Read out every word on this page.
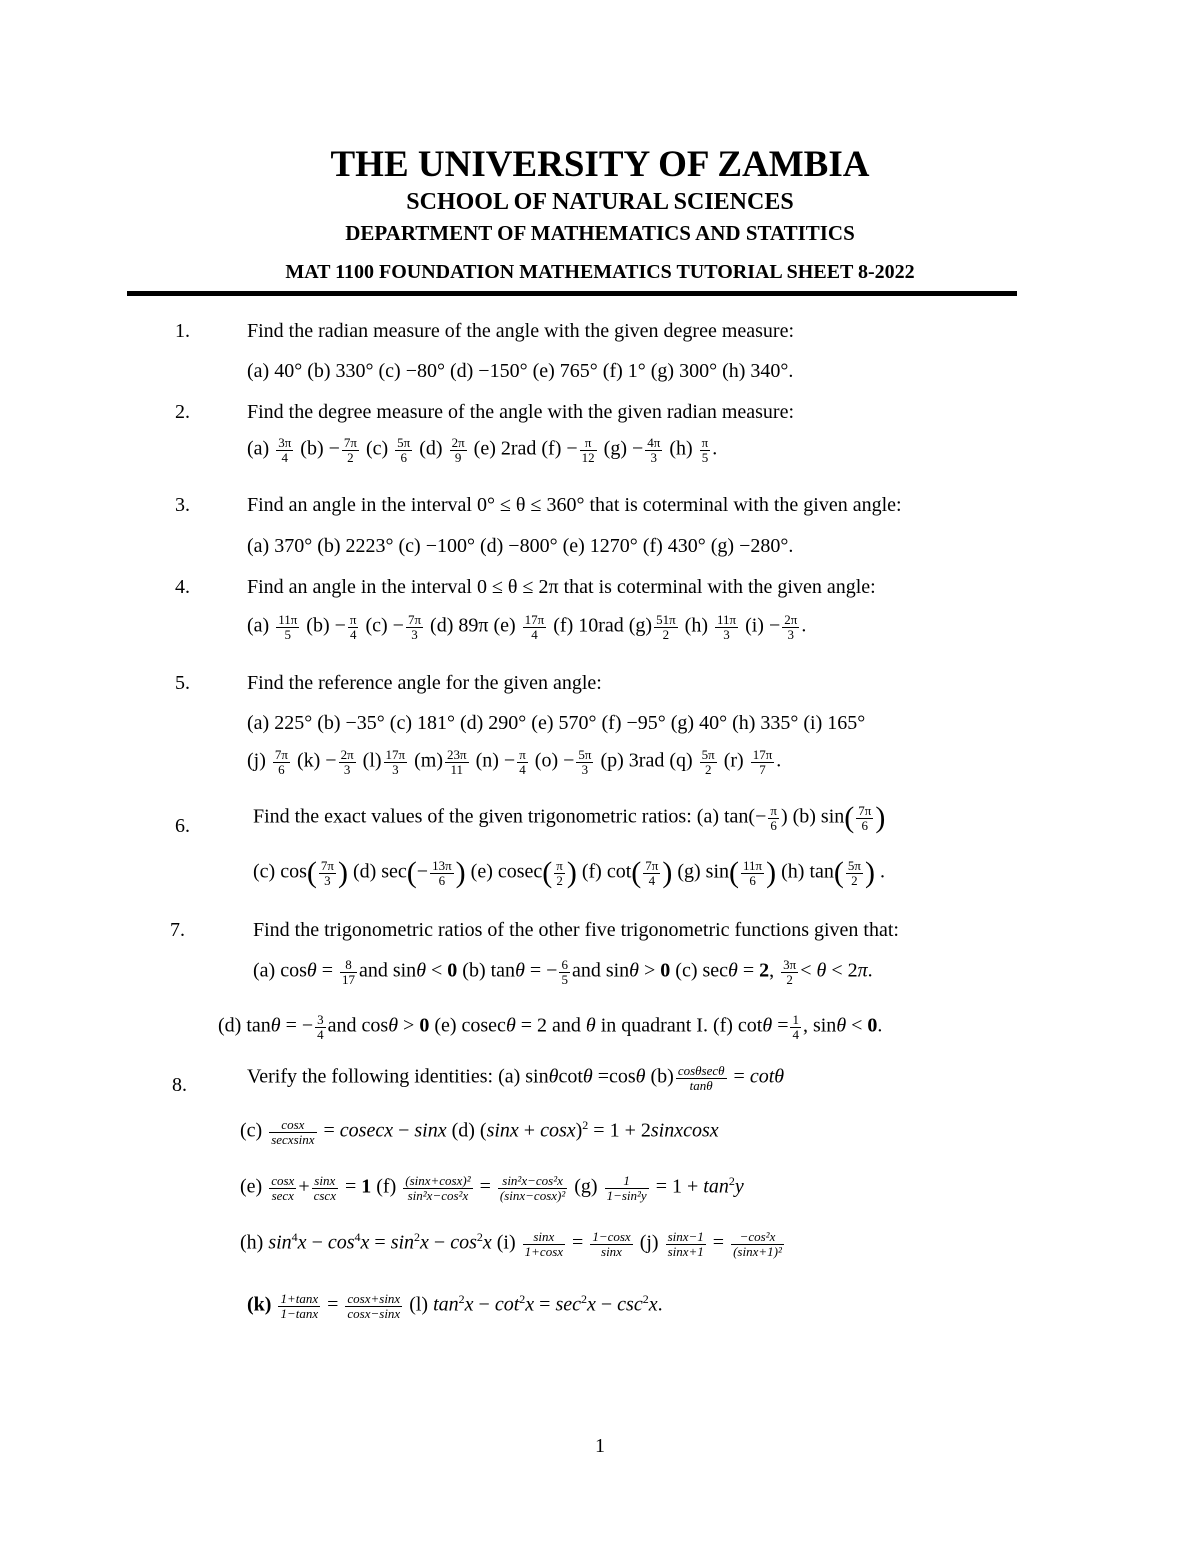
THE UNIVERSITY OF ZAMBIA
SCHOOL OF NATURAL SCIENCES
DEPARTMENT OF MATHEMATICS AND STATITICS
MAT 1100 FOUNDATION MATHEMATICS TUTORIAL SHEET 8-2022
1.	Find the radian measure of the angle with the given degree measure:
(a) 40° (b) 330° (c) −80° (d) −150° (e) 765° (f) 1° (g) 300° (h) 340°.
2.	Find the degree measure of the angle with the given radian measure:
$(a) \frac{3\pi}{4} (b) - \frac{7\pi}{2} (c) \frac{5\pi}{6} (d) \frac{2\pi}{9} (e)$ 2rad $(f) - \frac{\pi}{12} (g) - \frac{4\pi}{3} (h) \frac{\pi}{5}$ .
3.	Find an angle in the interval 0° ≤ θ ≤ 360° that is coterminal with the given angle:
(a) 370° (b) 2223° (c) −100° (d) −800° (e) 1270° (f) 430° (g) −280°.
4.	Find an angle in the interval 0 ≤ θ ≤ 2π that is coterminal with the given angle:
$(a) \frac{11\pi}{5} (b) - \frac{\pi}{4} (c) - \frac{7\pi}{3} (d)$ 89π $(e) \frac{17\pi}{4} (f)$ 10rad $(g) \frac{51\pi}{2} (h) \frac{11\pi}{3} (i) - \frac{2\pi}{3}$ .
5.	Find the reference angle for the given angle:
(a) 225° (b) −35° (c) 181° (d) 290° (e) 570° (f) −95° (g) 40° (h) 335° (i) 165°
$(j) \frac{7\pi}{6} (k) - \frac{2\pi}{3} (l) \frac{17\pi}{3} (m) \frac{23\pi}{11} (n) - \frac{\pi}{4} (o) - \frac{5\pi}{3} (p)$ 3rad $(q) \frac{5\pi}{2} (r) \frac{17\pi}{7}$ .
6.	Find the exact values of the given trigonometric ratios: (a) $\tan(- \frac{\pi}{6}$ ) (b) $\sin( \frac{7\pi}{6}$ )
(c) $\cos( \frac{7\pi}{3}$ ) (d) $\sec(- \frac{13\pi}{6}$ ) (e) $cosec( \frac{\pi}{2}$ ) (f) $\cot( \frac{7\pi}{4}$ ) (g) $\sin( \frac{11\pi}{6}$ ) (h) $\tan( \frac{5\pi}{2}$ ) .
7.	Find the trigonometric ratios of the other five trigonometric functions given that:
(a) $\cos\theta = \frac{8}{17}$ and sinθ < 0 (b) tanθ = − $\frac{6}{5}$ and sinθ > 0 (c) secθ = 2, $\frac{3\pi}{2} < \theta < 2\pi$.
(d) tanθ = − $\frac{3}{4}$ and cosθ > 0 (e) cosecθ = 2 and θ in quadrant I. (f) $\cot\theta = \frac{1}{4}$ , sinθ < 0.
8.	Verify the following identities: (a) sinθcotθ =cosθ $(b) \frac{\cos\theta\sec\theta}{\tan\theta} = \cot\theta$
$(c) \frac{\cos x}{\text{secxsinx}} = cosecx - \sin x$ (d) $(\sin x + \cos x)^2 = 1$ + 2sinxcosx
$(e) \frac{\cos x}{\sec x} + \frac{\sin x}{\csc x} = 1$ $(f) \frac{\text{(sinx+cosx)²}}{\text{sin²x−cos²x}} = \frac{\text{sin²x−cos²x}}{\text{(sinx−cosx)²}} (g) \frac{1}{\text{1−sin²y}} = 1 + \tan^2y$
(h) $\sin^4x - \cos^4x = \sin^2x - \cos^2x$ $(i) \frac{\sin x}{1+\cos x} = \frac{1-\cos x}{\sin x} (j) \frac{\sin x-1}{\sin x+1} = \frac{\text{−cos²x}}{\text{(sinx+1)²}}$
$(k) \frac{1+\tan x}{1-\tan x} = \frac{\cos x+\sin x}{\cos x-\sin x} (l) \tan^2x - \cot^2x = \sec^2x - \csc^2x$.
1
